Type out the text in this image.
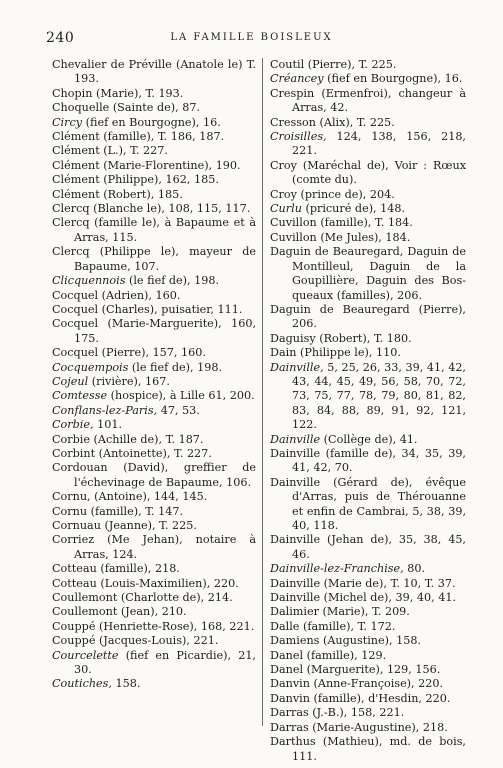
240	LA FAMILLE BOISLEUX

Chevalier de Préville (Anatole le) T. 193.

Chopin (Marie), T. 193.

Choquelle (Sainte de), 87.

Circy (fief en Bourgogne), 16.

Clément (famille), T. 186, 187.

Clément (L.), T. 227.

Clément (Marie-Florentine), 190.

Clément (Philippe), 162, 185.

Clément (Robert), 185.

Clercq (Blanche le), 108, 115, 117.

Clercq (famille le), à Bapaume et à Arras, 115.

Clercq (Philippe le), mayeur de Bapaume, 107.

Clicquennois (le fief de), 198.

Cocquel (Adrien), 160.

Cocquel (Charles), puisatier, 111.

Cocquel (Marie-Marguerite), 160, 175.

Cocquel (Pierre), 157, 160.

Cocquempois (le fief de), 198.

Cojeul (rivière), 167.

Comtesse (hospice), à Lille 61, 200.

Conflans-lez-Paris, 47, 53.

Corbie, 101.

Corbie (Achille de), T. 187.

Corbint (Antoinette), T. 227.

Cordouan (David), greffier de l'échevinage de Bapaume, 106.

Cornu, (Antoine), 144, 145.

Cornu (famille), T. 147.

Cornuau (Jeanne), T. 225.

Corriez (Me Jehan), notaire à Arras, 124.

Cotteau (famille), 218.

Cotteau (Louis-Maximilien), 220.

Coullemont (Charlotte de), 214.

Coullemont (Jean), 210.

Couppé (Henriette-Rose), 168, 221.

Couppé (Jacques-Louis), 221.

Courcelette (fief en Picardie), 21, 30.

Coutiches, 158.

Coutil (Pierre), T. 225.

Créancey (fief en Bourgogne), 16.

Crespin (Ermenfroi), changeur à Arras, 42.

Cresson (Alix), T. 225.

Croisilles, 124, 138, 156, 218, 221.

Croy (Maréchal de), Voir : Rœux (comte du).

Croy (prince de), 204.

Curlu (pricuré de), 148.

Cuvillon (famille), T. 184.

Cuvillon (Me Jules), 184.

Daguin de Beauregard, Daguin de Montilleul, Daguin de la Goupillière, Daguin des Bos- queaux (familles), 206.

Daguin de Beauregard (Pierre), 206.

Daguisy (Robert), T. 180.

Dain (Philippe le), 110.

Dainville, 5, 25, 26, 33, 39, 41, 42, 43, 44, 45, 49, 56, 58, 70, 72, 73, 75, 77, 78, 79, 80, 81, 82, 83, 84, 88, 89, 91, 92, 121, 122.

Dainville (Collège de), 41.

Dainville (famille de), 34, 35, 39, 41, 42, 70.

Dainville (Gérard de), évêque d'Arras, puis de Thérouanne et enfin de Cambrai, 5, 38, 39, 40, 118.

Dainville (Jehan de), 35, 38, 45, 46.

Dainville-lez-Franchise, 80.

Dainville (Marie de), T. 10, T. 37.

Dainville (Michel de), 39, 40, 41.

Dalimier (Marie), T. 209.

Dalle (famille), T. 172.

Damiens (Augustine), 158.

Danel (famille), 129.

Danel (Marguerite), 129, 156.

Danvin (Anne-Françoise), 220.

Danvin (famille), d'Hesdin, 220.

Darras (J.-B.), 158, 221.

Darras (Marie-Augustine), 218.

Darthus (Mathieu), md. de bois, 111.
